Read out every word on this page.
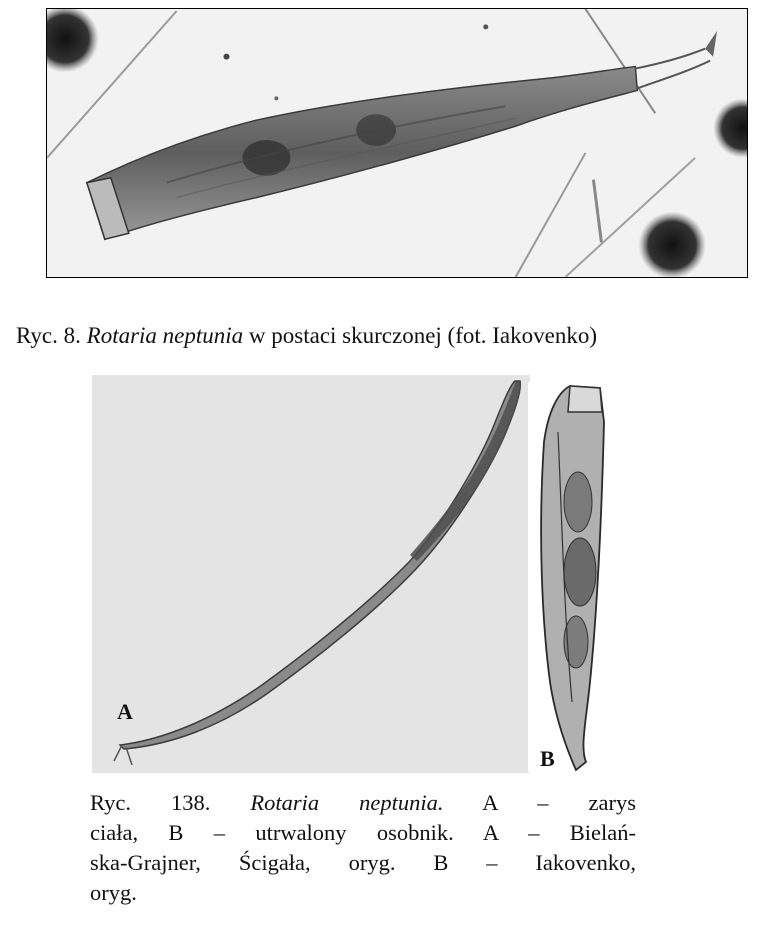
Ryc. 8. Rotaria neptunia w postaci skurczonej (fot. Iakovenko)
A
B
Ryc. 138. Rotaria neptunia. A – zarys
ciała, B – utrwalony osobnik. A – Bielań-
ska-Grajner, Ścigała, oryg. B – Iakovenko,
oryg.
